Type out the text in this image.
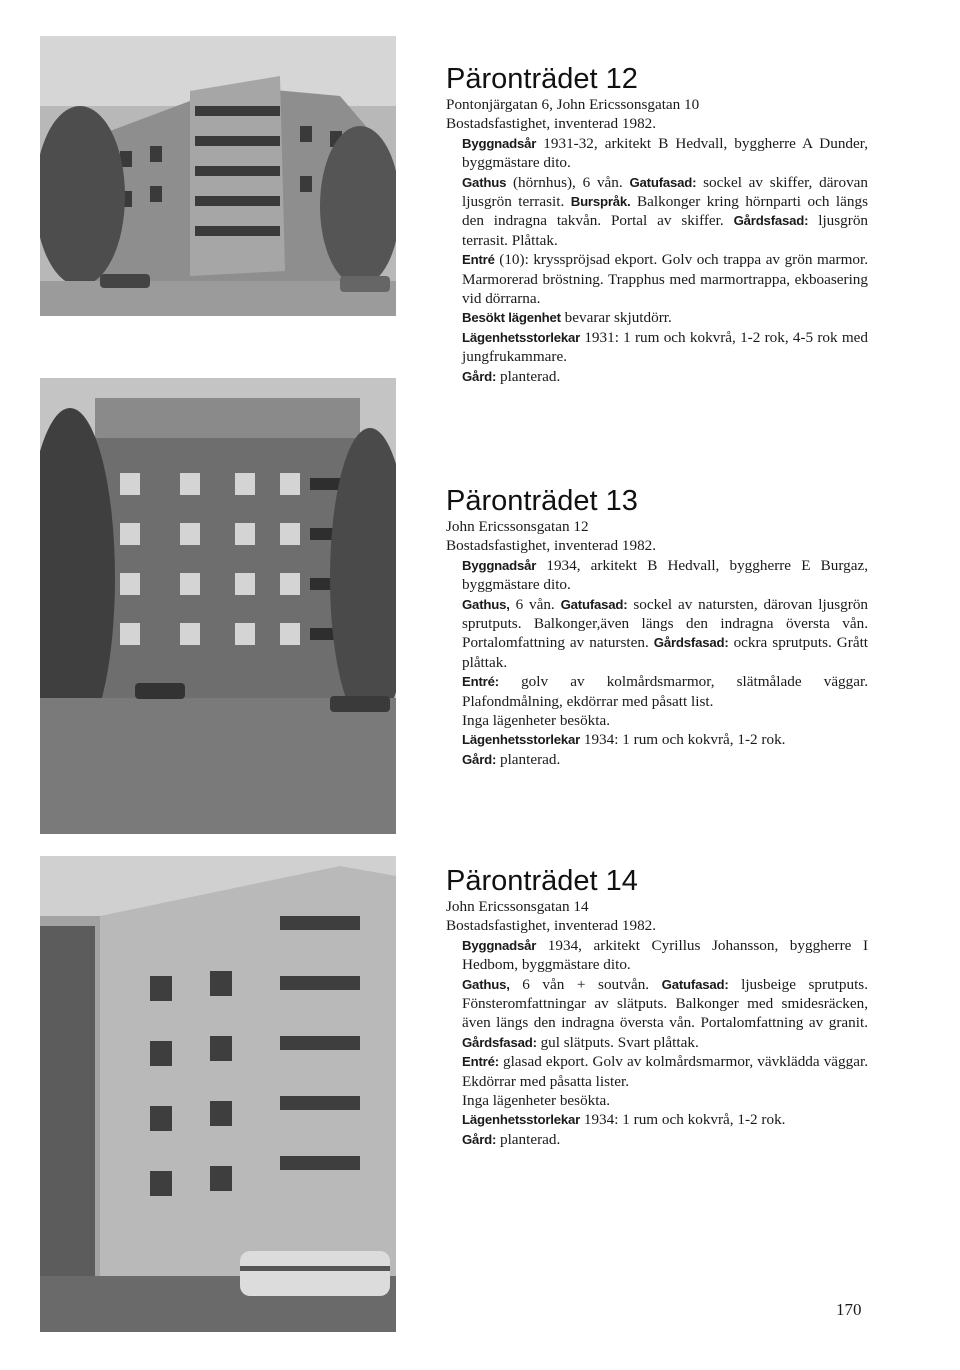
Päronträdet 12

Pontonjärgatan 6, John Ericssonsgatan 10

Bostadsfastighet, inventerad 1982.

Byggnadsår 1931-32, arkitekt B Hedvall, byggherre A Dunder, byggmästare dito.

Gathus (hörnhus), 6 vån. Gatufasad: sockel av skiffer, därovan ljusgrön terrasit. Burspråk. Balkonger kring hörnparti och längs den indragna takvån. Portal av skiffer. Gårdsfasad: ljusgrön terrasit. Plåttak.

Entré (10): krysspröjsad ekport. Golv och trappa av grön marmor. Marmorerad bröstning. Trapphus med marmortrappa, ekboasering vid dörrarna.

Besökt lägenhet bevarar skjutdörr.

Lägenhetsstorlekar 1931: 1 rum och kokvrå, 1-2 rok, 4-5 rok med jungfrukammare.

Gård: planterad.

Päronträdet 13

John Ericssonsgatan 12

Bostadsfastighet, inventerad 1982.

Byggnadsår 1934, arkitekt B Hedvall, byggherre E Burgaz, byggmästare dito.

Gathus, 6 vån. Gatufasad: sockel av natursten, därovan ljusgrön sprutputs. Balkonger,även längs den indragna översta vån. Portalomfattning av natursten. Gårdsfasad: ockra sprutputs. Grått plåttak.

Entré: golv av kolmårdsmarmor, slätmålade väggar. Plafondmålning, ekdörrar med påsatt list.

Inga lägenheter besökta.

Lägenhetsstorlekar 1934: 1 rum och kokvrå, 1-2 rok.

Gård: planterad.

Päronträdet 14

John Ericssonsgatan 14

Bostadsfastighet, inventerad 1982.

Byggnadsår 1934, arkitekt Cyrillus Johansson, byggherre I Hedbom, byggmästare dito.

Gathus, 6 vån + soutvån. Gatufasad: ljusbeige sprutputs. Fönsteromfattningar av slätputs. Balkonger med smidesräcken, även längs den indragna översta vån. Portalomfattning av granit. Gårdsfasad: gul slätputs. Svart plåttak.

Entré: glasad ekport. Golv av kolmårdsmarmor, vävklädda väggar. Ekdörrar med påsatta lister.

Inga lägenheter besökta.

Lägenhetsstorlekar 1934: 1 rum och kokvrå, 1-2 rok.

Gård: planterad.

170
